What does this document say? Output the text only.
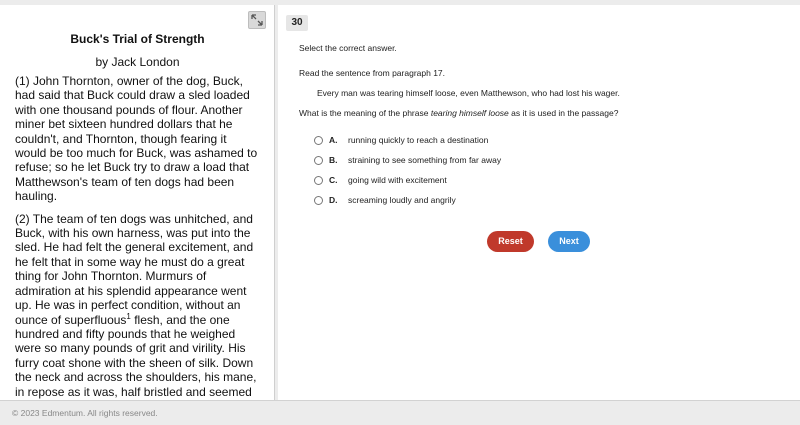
Buck's Trial of Strength
by Jack London

(1) John Thornton, owner of the dog, Buck, had said that Buck could draw a sled loaded with one thousand pounds of flour. Another miner bet sixteen hundred dollars that he couldn't, and Thornton, though fearing it would be too much for Buck, was ashamed to refuse; so he let Buck try to draw a load that Matthewson's team of ten dogs had been hauling.

(2) The team of ten dogs was unhitched, and Buck, with his own harness, was put into the sled. He had felt the general excitement, and he felt that in some way he must do a great thing for John Thornton. Murmurs of admiration at his splendid appearance went up. He was in perfect condition, without an ounce of superfluous$^1$ flesh, and the one hundred and fifty pounds that he weighed were so many pounds of grit and virility. His furry coat shone with the sheen of silk. Down the neck and across the shoulders, his mane, in repose as it was, half bristled and seemed

30
Select the correct answer.
Read the sentence from paragraph 17.
Every man was tearing himself loose, even Matthewson, who had lost his wager.
What is the meaning of the phrase tearing himself loose as it is used in the passage?
A.	running quickly to reach a destination
B.	straining to see something from far away
C.	going wild with excitement
D.	screaming loudly and angrily
Reset	Next
© 2023 Edmentum. All rights reserved.
